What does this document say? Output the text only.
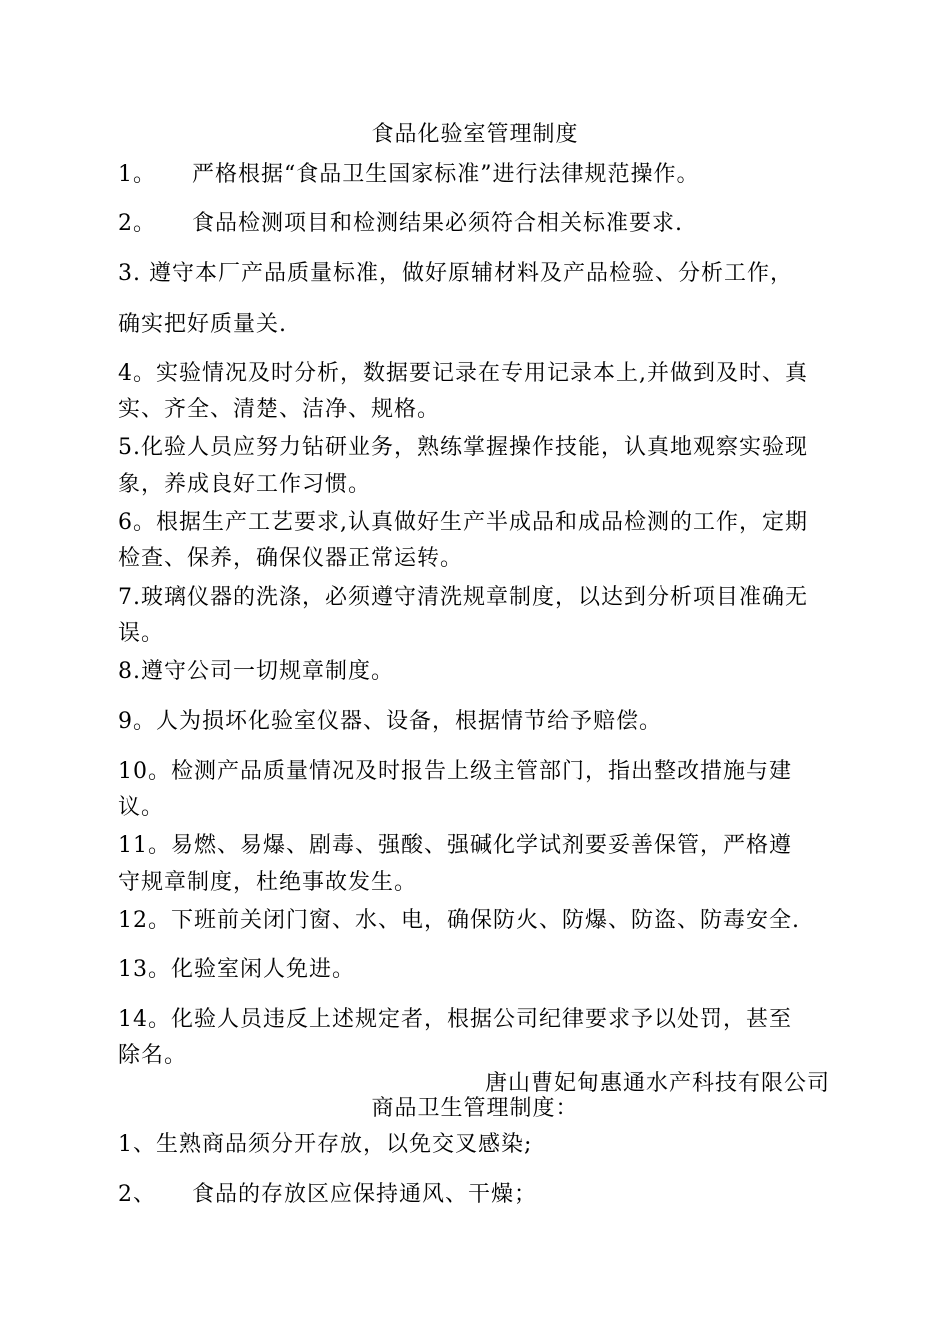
食品化验室管理制度
1。 严格根据“食品卫生国家标准”进行法律规范操作。
2。 食品检测项目和检测结果必须符合相关标准要求.
3. 遵守本厂产品质量标准，做好原辅材料及产品检验、分析工作，
确实把好质量关.
4。实验情况及时分析，数据要记录在专用记录本上,并做到及时、真
实、齐全、清楚、洁净、规格。
5.化验人员应努力钻研业务，熟练掌握操作技能，认真地观察实验现
象，养成良好工作习惯。
6。根据生产工艺要求,认真做好生产半成品和成品检测的工作，定期
检查、保养，确保仪器正常运转。
7.玻璃仪器的洗涤，必须遵守清洗规章制度，以达到分析项目准确无
误。
8.遵守公司一切规章制度。
9。人为损坏化验室仪器、设备，根据情节给予赔偿。
10。检测产品质量情况及时报告上级主管部门，指出整改措施与建
议。
11。易燃、易爆、剧毒、强酸、强碱化学试剂要妥善保管，严格遵
守规章制度，杜绝事故发生。
12。下班前关闭门窗、水、电，确保防火、防爆、防盗、防毒安全.
13。化验室闲人免进。
14。化验人员违反上述规定者，根据公司纪律要求予以处罚，甚至
除名。
唐山曹妃甸惠通水产科技有限公司
商品卫生管理制度：
1、生熟商品须分开存放，以免交叉感染;
2、 食品的存放区应保持通风、干燥；
